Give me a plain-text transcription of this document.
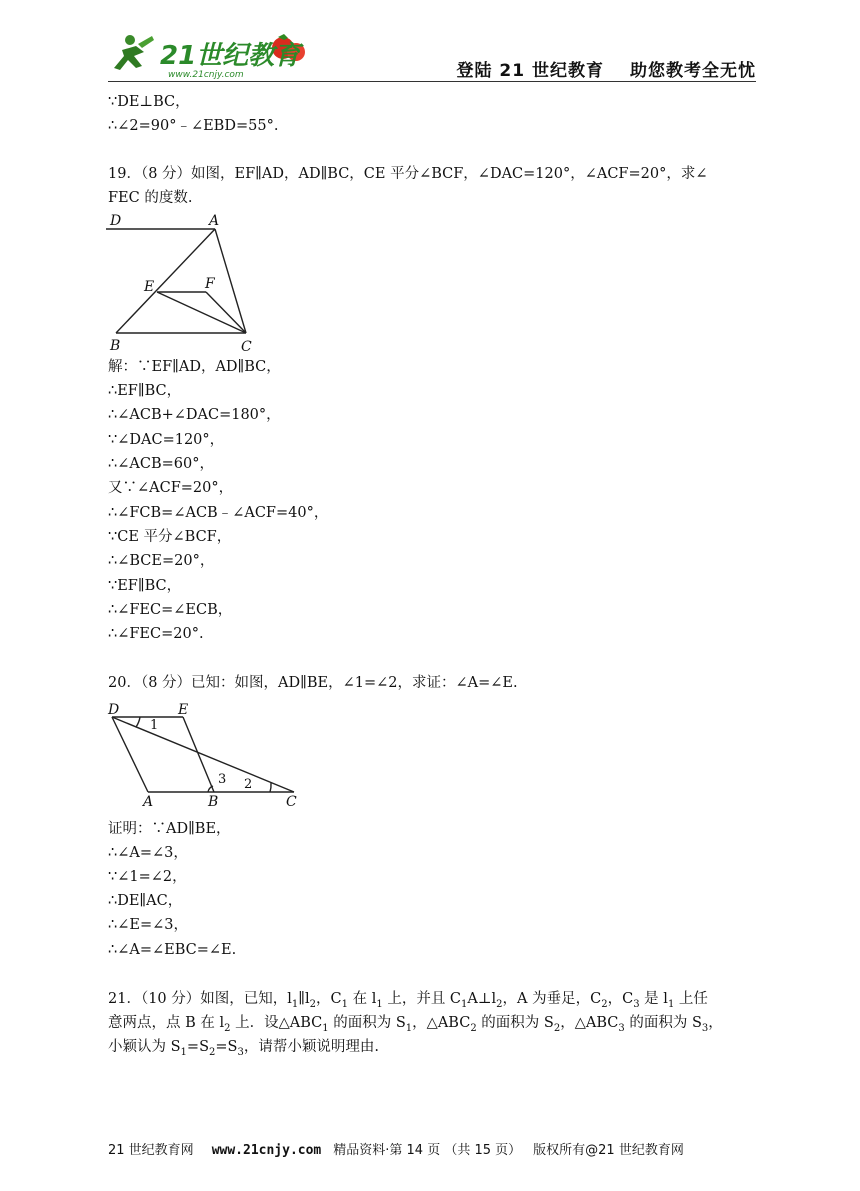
21世纪教育
www.21cnjy.com	登陆 21 世纪教育 助您教考全无忧
∵DE⊥BC，
∴∠2=90°﹣∠EBD=55°.
19．（8 分）如图，EF∥AD，AD∥BC，CE 平分∠BCF，∠DAC=120°，∠ACF=20°，求∠
FEC 的度数.
D	A
E	F
B	C
解：∵EF∥AD，AD∥BC，
∴EF∥BC，
∴∠ACB+∠DAC=180°，
∵∠DAC=120°，
∴∠ACB=60°，
又∵∠ACF=20°，
∴∠FCB=∠ACB﹣∠ACF=40°，
∵CE 平分∠BCF，
∴∠BCE=20°，
∵EF∥BC，
∴∠FEC=∠ECB，
∴∠FEC=20°.
20．（8 分）已知：如图，AD∥BE，∠1=∠2，求证：∠A=∠E.
D	E
A	B	C
1
2
3
证明：∵AD∥BE，
∴∠A=∠3，
∵∠1=∠2，
∴DE∥AC，
∴∠E=∠3，
∴∠A=∠EBC=∠E.
21．（10 分）如图，已知，$l_1\parallel l_2$，$C_1$ 在 $l_1$ 上，并且 $C_1A\perp l_2$，A 为垂足，$C_2$，$C_3$ 是 $l_1$ 上任
意两点，点 B 在 $l_2$ 上．设$\triangle ABC_1$ 的面积为 $S_1$，$\triangle ABC_2$ 的面积为 $S_2$，$\triangle ABC_3$ 的面积为 $S_3$，
小颖认为 $S_1=S_2=S_3$，请帮小颖说明理由.
21 世纪教育网 www.21cnjy.com 精品资料·第 14 页 （共 15 页） 版权所有@21 世纪教育网
